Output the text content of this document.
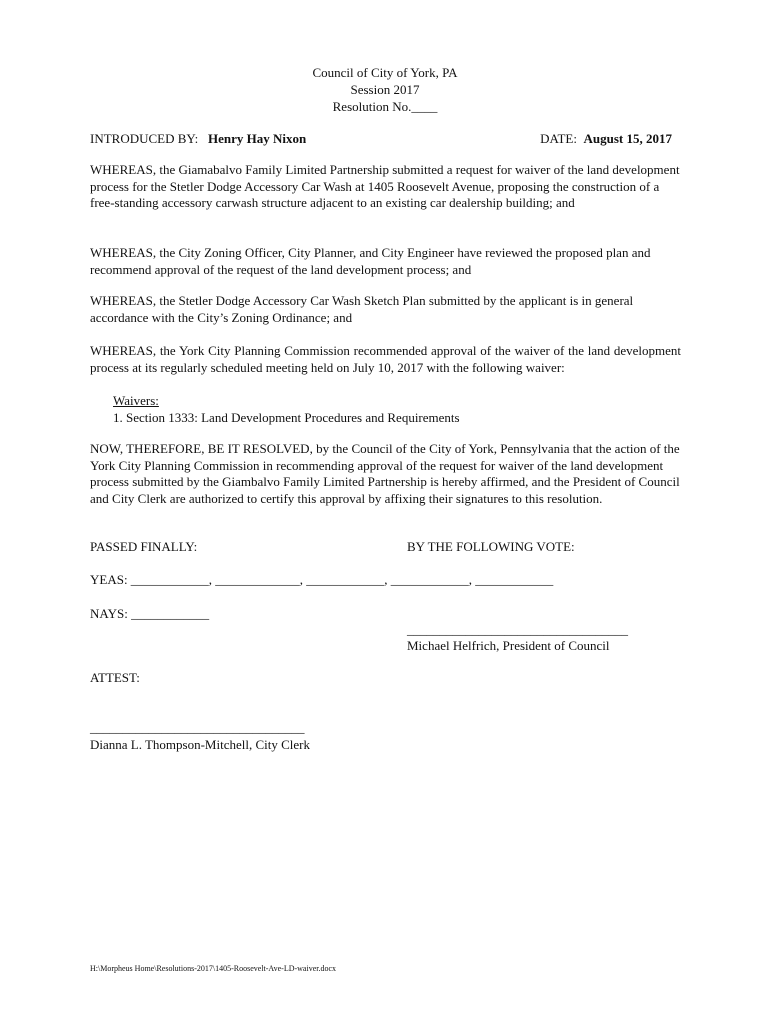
Council of City of York, PA
Session 2017
Resolution No.____
INTRODUCED BY: Henry Hay Nixon	DATE: August 15, 2017

WHEREAS, the Giamabalvo Family Limited Partnership submitted a request for waiver of the land development process for the Stetler Dodge Accessory Car Wash at 1405 Roosevelt Avenue, proposing the construction of a free-standing accessory carwash structure adjacent to an existing car dealership building; and

WHEREAS, the City Zoning Officer, City Planner, and City Engineer have reviewed the proposed plan and recommend approval of the request of the land development process; and

WHEREAS, the Stetler Dodge Accessory Car Wash Sketch Plan submitted by the applicant is in general accordance with the City’s Zoning Ordinance; and

WHEREAS, the York City Planning Commission recommended approval of the waiver of the land development process at its regularly scheduled meeting held on July 10, 2017 with the following waiver:

Waivers:
1. Section 1333: Land Development Procedures and Requirements

NOW, THEREFORE, BE IT RESOLVED, by the Council of the City of York, Pennsylvania that the action of the York City Planning Commission in recommending approval of the request for waiver of the land development process submitted by the Giambalvo Family Limited Partnership is hereby affirmed, and the President of Council and City Clerk are authorized to certify this approval by affixing their signatures to this resolution.

PASSED FINALLY:	BY THE FOLLOWING VOTE:
YEAS: ____________, _____________, ____________, ____________, ____________
NAYS: ____________
__________________________________
Michael Helfrich, President of Council
ATTEST:
_________________________________
Dianna L. Thompson-Mitchell, City Clerk
H:\Morpheus Home\Resolutions-2017\1405-Roosevelt-Ave-LD-waiver.docx
